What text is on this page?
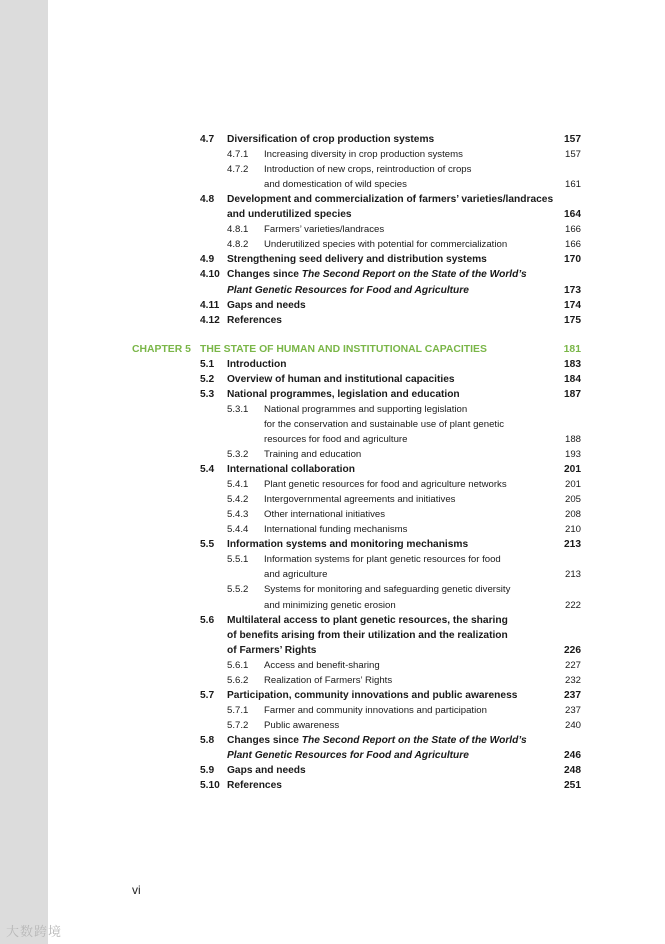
4.7 Diversification of crop production systems	157
4.7.1 Increasing diversity in crop production systems	157
4.7.2 Introduction of new crops, reintroduction of crops
and domestication of wild species	161
4.8 Development and commercialization of farmers’ varieties/landraces
and underutilized species	164
4.8.1 Farmers’ varieties/landraces	166
4.8.2 Underutilized species with potential for commercialization	166
4.9 Strengthening seed delivery and distribution systems	170
4.10 Changes since The Second Report on the State of the World’s
Plant Genetic Resources for Food and Agriculture	173
4.11 Gaps and needs	174
4.12 References	175
CHAPTER 5 THE STATE OF HUMAN AND INSTITUTIONAL CAPACITIES	181
5.1 Introduction	183
5.2 Overview of human and institutional capacities	184
5.3 National programmes, legislation and education	187
5.3.1 National programmes and supporting legislation
for the conservation and sustainable use of plant genetic
resources for food and agriculture	188
5.3.2 Training and education	193
5.4 International collaboration	201
5.4.1 Plant genetic resources for food and agriculture networks	201
5.4.2 Intergovernmental agreements and initiatives	205
5.4.3 Other international initiatives	208
5.4.4 International funding mechanisms	210
5.5 Information systems and monitoring mechanisms	213
5.5.1 Information systems for plant genetic resources for food
and agriculture	213
5.5.2 Systems for monitoring and safeguarding genetic diversity
and minimizing genetic erosion	222
5.6 Multilateral access to plant genetic resources, the sharing
of benefits arising from their utilization and the realization
of Farmers’ Rights	226
5.6.1 Access and benefit-sharing	227
5.6.2 Realization of Farmers’ Rights	232
5.7 Participation, community innovations and public awareness	237
5.7.1 Farmer and community innovations and participation	237
5.7.2 Public awareness	240
5.8 Changes since The Second Report on the State of the World’s
Plant Genetic Resources for Food and Agriculture	246
5.9 Gaps and needs	248
5.10 References	251
vi
大数跨境
